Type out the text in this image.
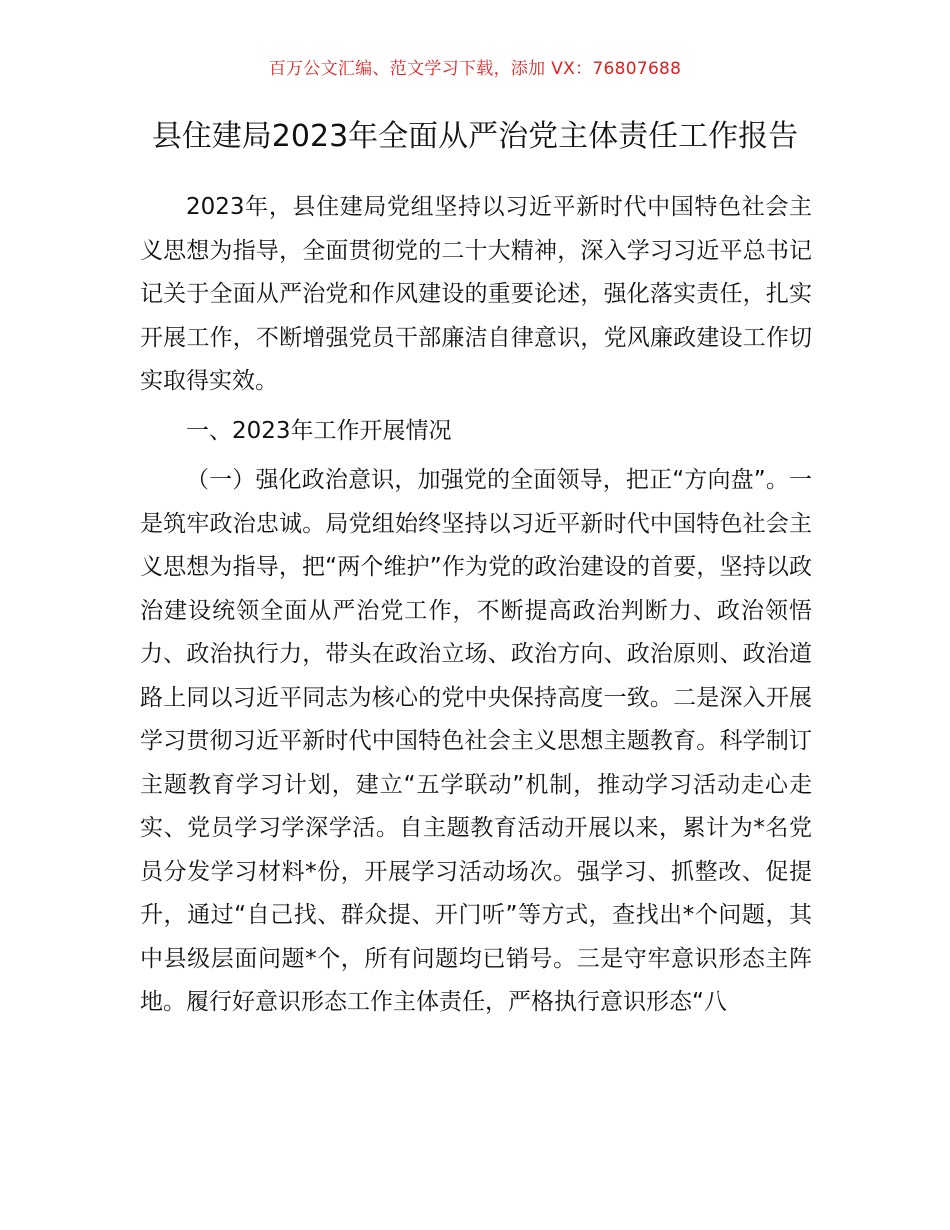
百万公文汇编、范文学习下载，添加 VX：76807688
县住建局2023年全面从严治党主体责任工作报告

2023年，县住建局党组坚持以习近平新时代中国特色社会主义思想为指导，全面贯彻党的二十大精神，深入学习习近平总书记记关于全面从严治党和作风建设的重要论述，强化落实责任，扎实开展工作，不断增强党员干部廉洁自律意识，党风廉政建设工作切实取得实效。

一、2023年工作开展情况

（一）强化政治意识，加强党的全面领导，把正“方向盘”。一是筑牢政治忠诚。局党组始终坚持以习近平新时代中国特色社会主义思想为指导，把“两个维护”作为党的政治建设的首要，坚持以政治建设统领全面从严治党工作，不断提高政治判断力、政治领悟力、政治执行力，带头在政治立场、政治方向、政治原则、政治道路上同以习近平同志为核心的党中央保持高度一致。二是深入开展学习贯彻习近平新时代中国特色社会主义思想主题教育。科学制订主题教育学习计划，建立“五学联动”机制，推动学习活动走心走实、党员学习学深学活。自主题教育活动开展以来，累计为*名党员分发学习材料*份，开展学习活动场次。强学习、抓整改、促提升，通过“自己找、群众提、开门听”等方式，查找出*个问题，其中县级层面问题*个，所有问题均已销号。三是守牢意识形态主阵地。履行好意识形态工作主体责任，严格执行意识形态“八
